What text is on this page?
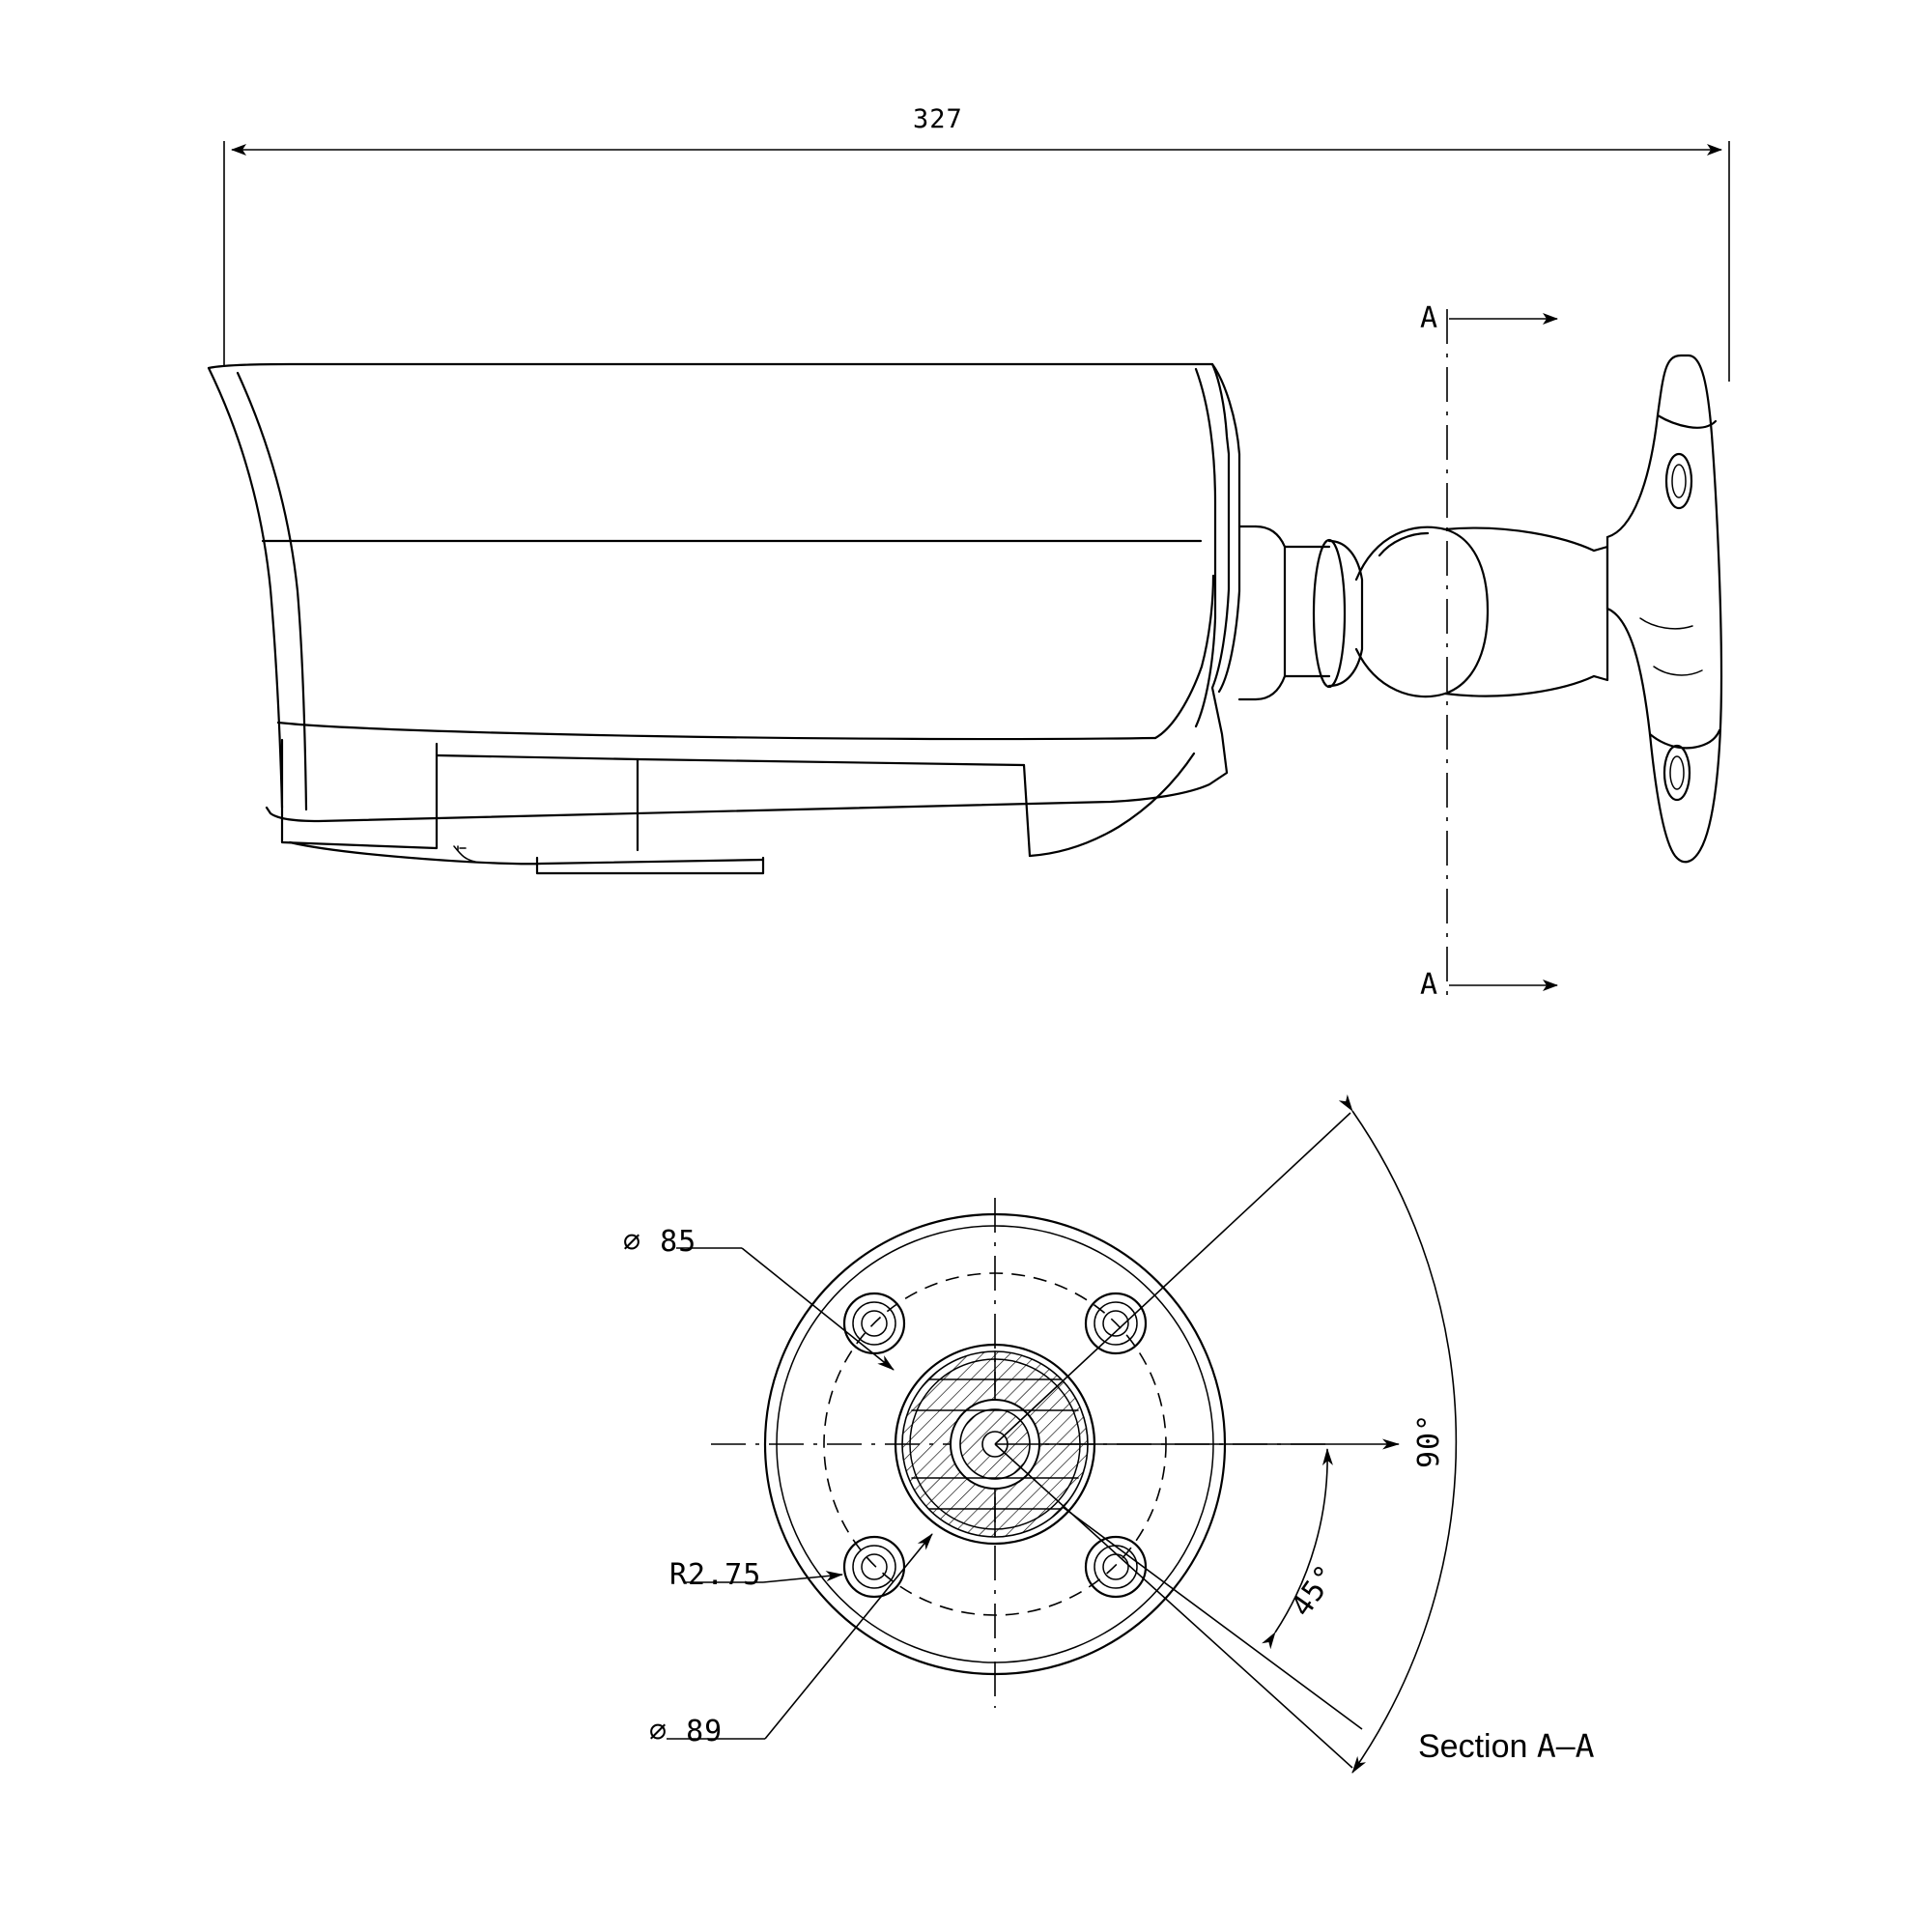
327
A
A
∅ 85
R2.75
∅ 89
90°
45°
Section A–A
